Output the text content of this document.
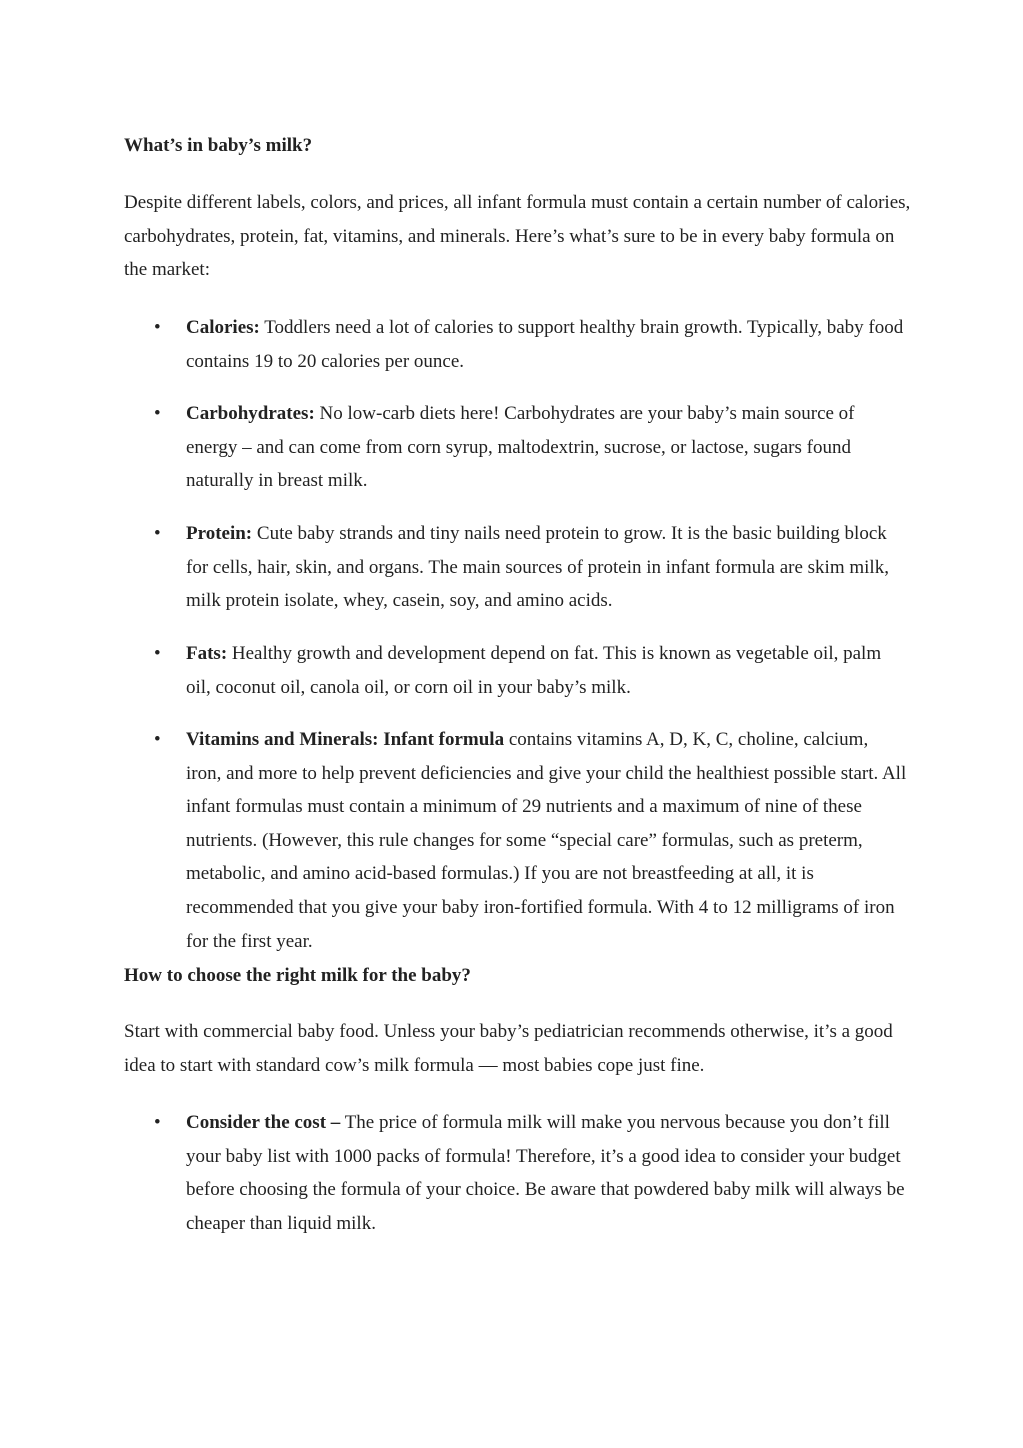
What’s in baby’s milk?

Despite different labels, colors, and prices, all infant formula must contain a certain number of calories, carbohydrates, protein, fat, vitamins, and minerals. Here’s what’s sure to be in every baby formula on the market:

• Calories: Toddlers need a lot of calories to support healthy brain growth. Typically, baby food contains 19 to 20 calories per ounce.
• Carbohydrates: No low-carb diets here! Carbohydrates are your baby’s main source of energy – and can come from corn syrup, maltodextrin, sucrose, or lactose, sugars found naturally in breast milk.
• Protein: Cute baby strands and tiny nails need protein to grow. It is the basic building block for cells, hair, skin, and organs. The main sources of protein in infant formula are skim milk, milk protein isolate, whey, casein, soy, and amino acids.
• Fats: Healthy growth and development depend on fat. This is known as vegetable oil, palm oil, coconut oil, canola oil, or corn oil in your baby’s milk.
• Vitamins and Minerals: Infant formula contains vitamins A, D, K, C, choline, calcium, iron, and more to help prevent deficiencies and give your child the healthiest possible start. All infant formulas must contain a minimum of 29 nutrients and a maximum of nine of these nutrients. (However, this rule changes for some “special care” formulas, such as preterm, metabolic, and amino acid-based formulas.) If you are not breastfeeding at all, it is recommended that you give your baby iron-fortified formula. With 4 to 12 milligrams of iron for the first year.
How to choose the right milk for the baby?

Start with commercial baby food. Unless your baby’s pediatrician recommends otherwise, it’s a good idea to start with standard cow’s milk formula — most babies cope just fine.

• Consider the cost – The price of formula milk will make you nervous because you don’t fill your baby list with 1000 packs of formula! Therefore, it’s a good idea to consider your budget before choosing the formula of your choice. Be aware that powdered baby milk will always be cheaper than liquid milk.
